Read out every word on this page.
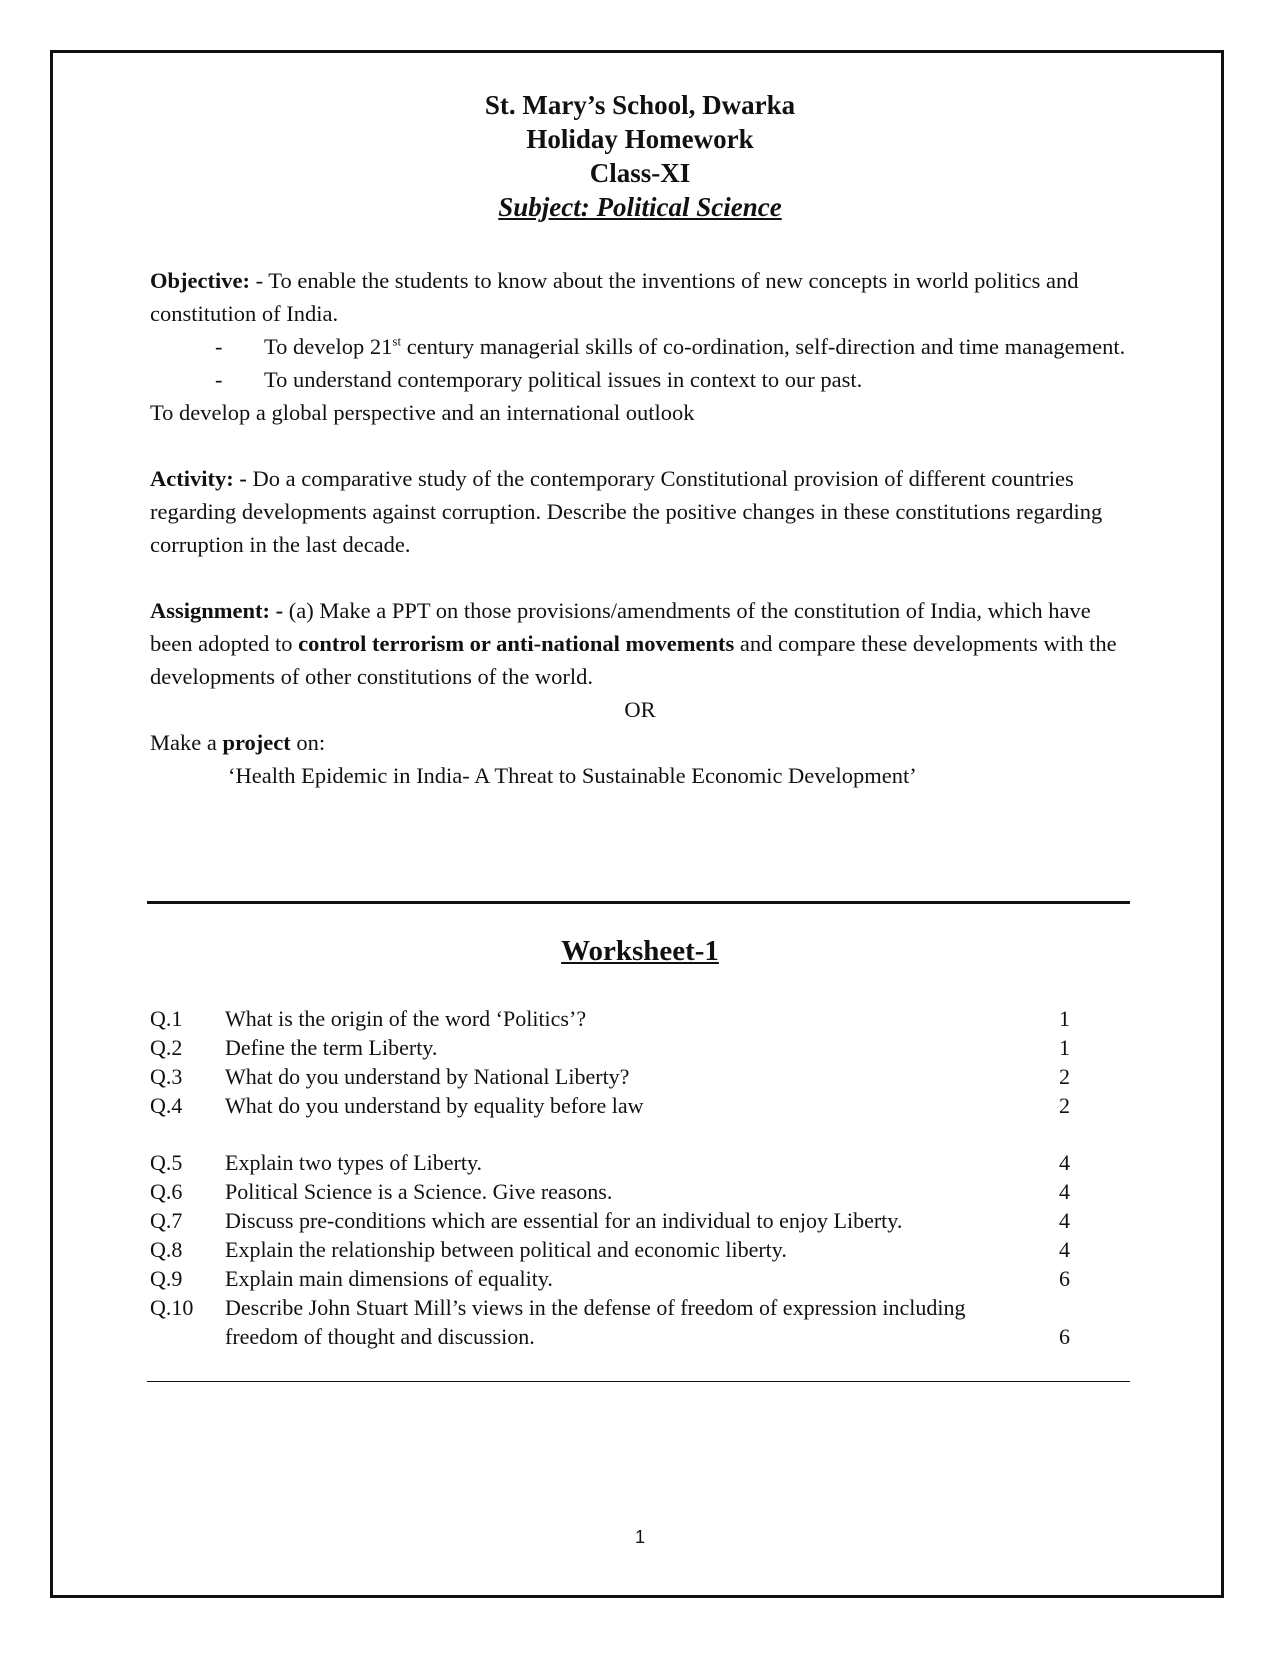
St. Mary’s School, Dwarka
Holiday Homework
Class-XI
Subject: Political Science

Objective: - To enable the students to know about the inventions of new concepts in world politics and constitution of India.

- To develop 21st century managerial skills of co-ordination, self-direction and time management.
- To understand contemporary political issues in context to our past.

To develop a global perspective and an international outlook

Activity: - Do a comparative study of the contemporary Constitutional provision of different countries regarding developments against corruption. Describe the positive changes in these constitutions regarding corruption in the last decade.

Assignment: - (a) Make a PPT on those provisions/amendments of the constitution of India, which have been adopted to control terrorism or anti-national movements and compare these developments with the developments of other constitutions of the world.

OR

Make a project on:

‘Health Epidemic in India- A Threat to Sustainable Economic Development’

Worksheet-1
Q.1	What is the origin of the word ‘Politics’?	1
Q.2	Define the term Liberty.	1
Q.3	What do you understand by National Liberty?	2
Q.4	What do you understand by equality before law	2
Q.5	Explain two types of Liberty.	4
Q.6	Political Science is a Science. Give reasons.	4
Q.7	Discuss pre-conditions which are essential for an individual to enjoy Liberty.	4
Q.8	Explain the relationship between political and economic liberty.	4
Q.9	Explain main dimensions of equality.	6
Q.10	Describe John Stuart Mill’s views in the defense of freedom of expression including
freedom of thought and discussion.	6
1
